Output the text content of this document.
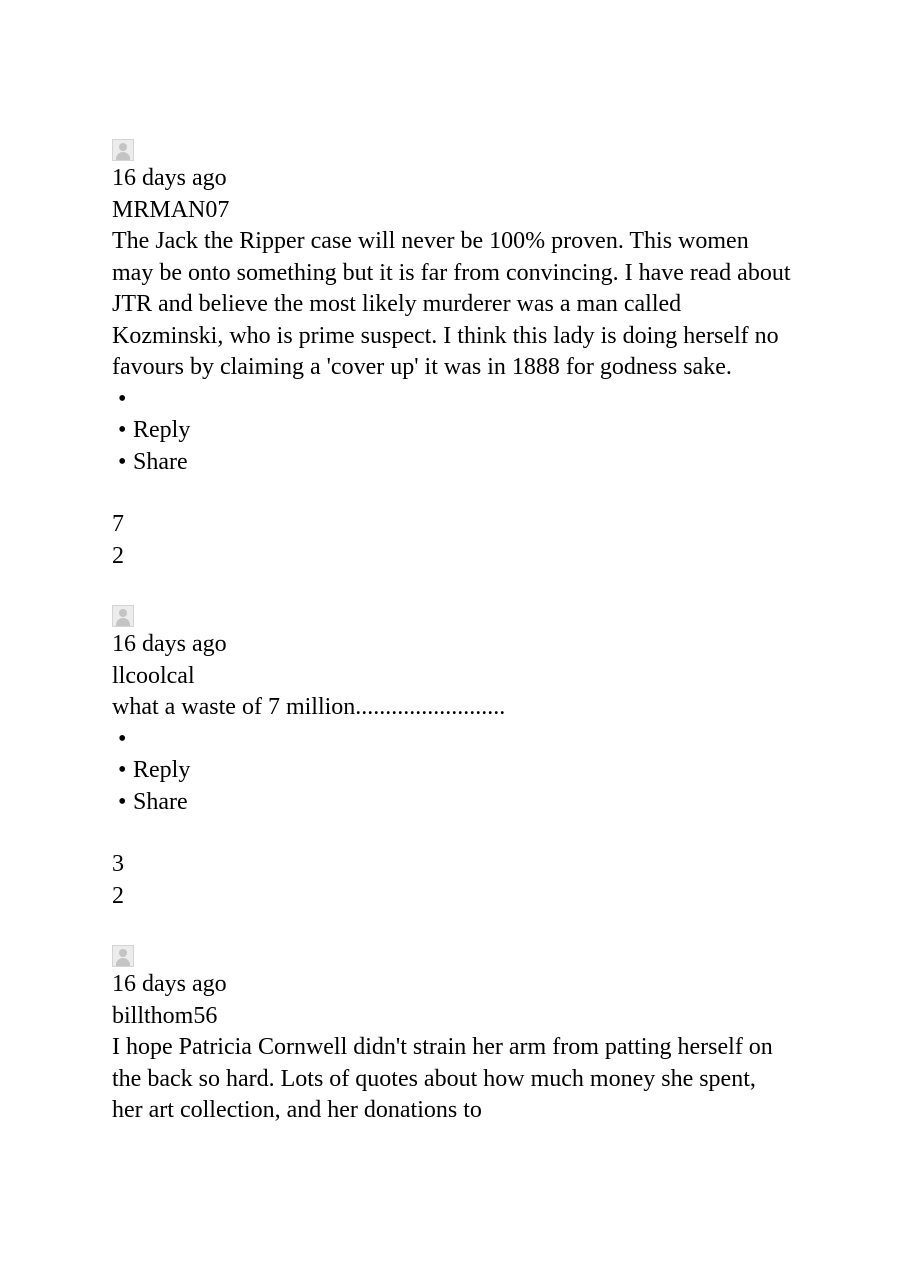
16 days ago
MRMAN07
The Jack the Ripper case will never be 100% proven. This women may be onto something but it is far from convincing. I have read about JTR and believe the most likely murderer was a man called Kozminski, who is prime suspect. I think this lady is doing herself no favours by claiming a 'cover up' it was in 1888 for godness sake.
•
• Reply
• Share
7
2
16 days ago
llcoolcal
what a waste of 7 million.........................
•
• Reply
• Share
3
2
16 days ago
billthom56
I hope Patricia Cornwell didn't strain her arm from patting herself on the back so hard. Lots of quotes about how much money she spent, her art collection, and her donations to
